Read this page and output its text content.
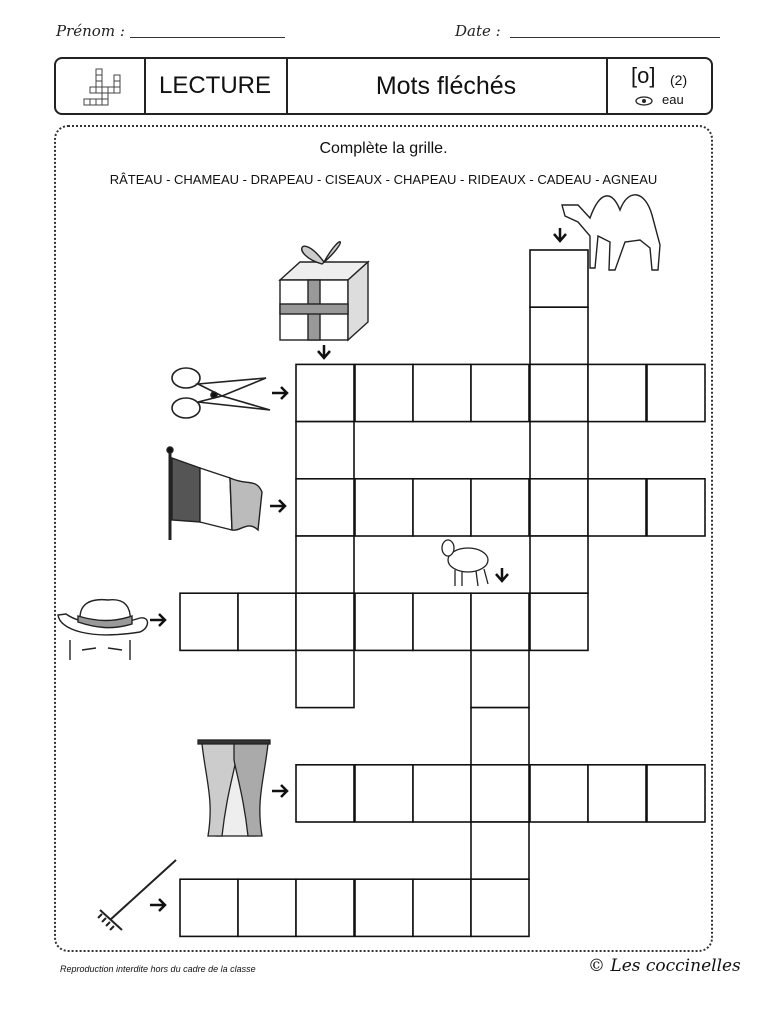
Prénom :	Date :
LECTURE	Mots fléchés	[o] (2)
eau
Complète la grille.
RÂTEAU - CHAMEAU - DRAPEAU - CISEAUX - CHAPEAU - RIDEAUX - CADEAU - AGNEAU
Reproduction interdite hors du cadre de la classe	© Les coccinelles
